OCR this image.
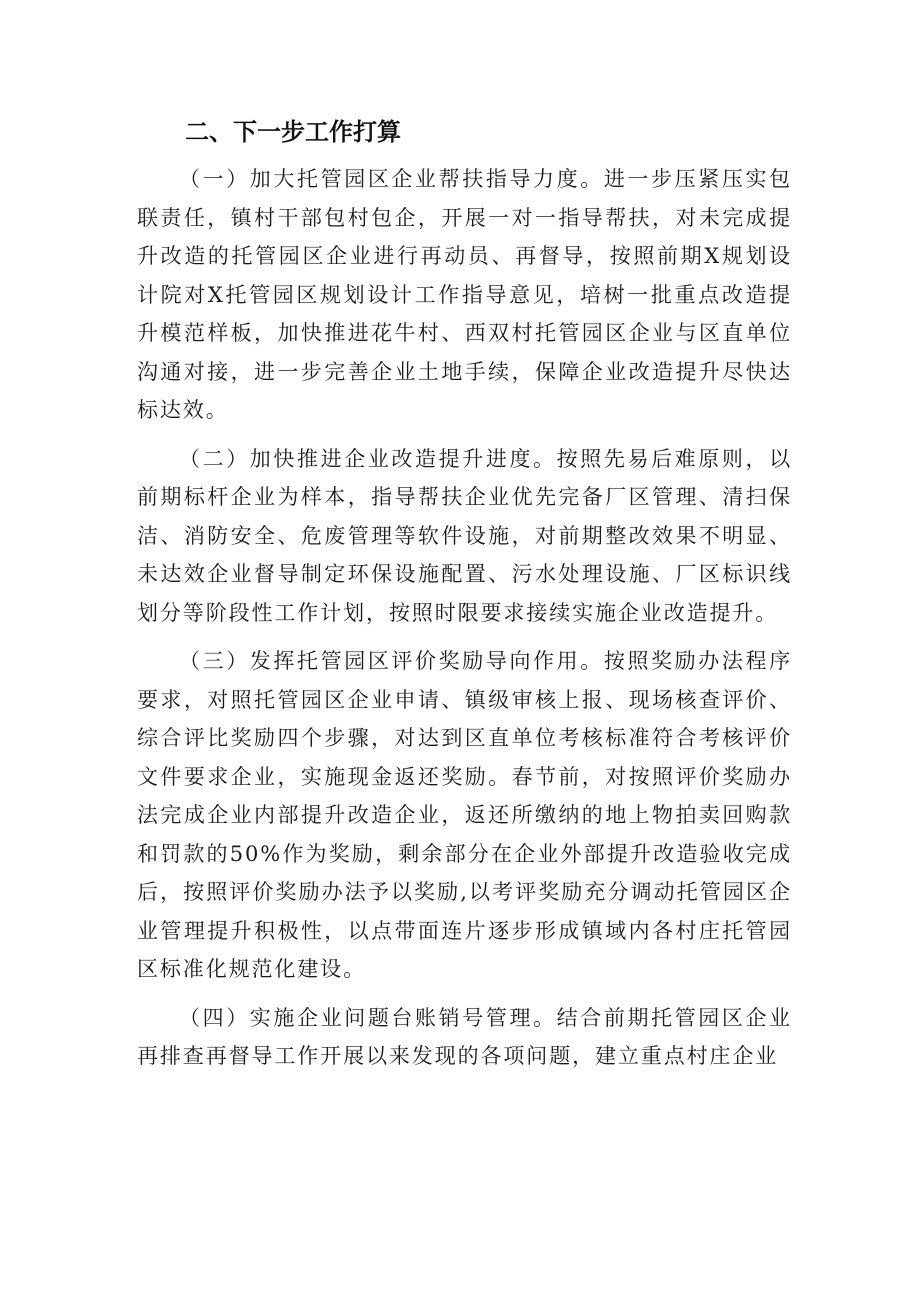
二、下一步工作打算

（一）加大托管园区企业帮扶指导力度。进一步压紧压实包联责任，镇村干部包村包企，开展一对一指导帮扶，对未完成提升改造的托管园区企业进行再动员、再督导，按照前期X规划设计院对X托管园区规划设计工作指导意见，培树一批重点改造提升模范样板，加快推进花牛村、西双村托管园区企业与区直单位沟通对接，进一步完善企业土地手续，保障企业改造提升尽快达标达效。

（二）加快推进企业改造提升进度。按照先易后难原则，以前期标杆企业为样本，指导帮扶企业优先完备厂区管理、清扫保洁、消防安全、危废管理等软件设施，对前期整改效果不明显、未达效企业督导制定环保设施配置、污水处理设施、厂区标识线划分等阶段性工作计划，按照时限要求接续实施企业改造提升。

（三）发挥托管园区评价奖励导向作用。按照奖励办法程序要求，对照托管园区企业申请、镇级审核上报、现场核查评价、综合评比奖励四个步骤，对达到区直单位考核标准符合考核评价文件要求企业，实施现金返还奖励。春节前，对按照评价奖励办法完成企业内部提升改造企业，返还所缴纳的地上物拍卖回购款和罚款的50%作为奖励，剩余部分在企业外部提升改造验收完成后，按照评价奖励办法予以奖励,以考评奖励充分调动托管园区企业管理提升积极性，以点带面连片逐步形成镇域内各村庄托管园区标准化规范化建设。

（四）实施企业问题台账销号管理。结合前期托管园区企业再排查再督导工作开展以来发现的各项问题，建立重点村庄企业
